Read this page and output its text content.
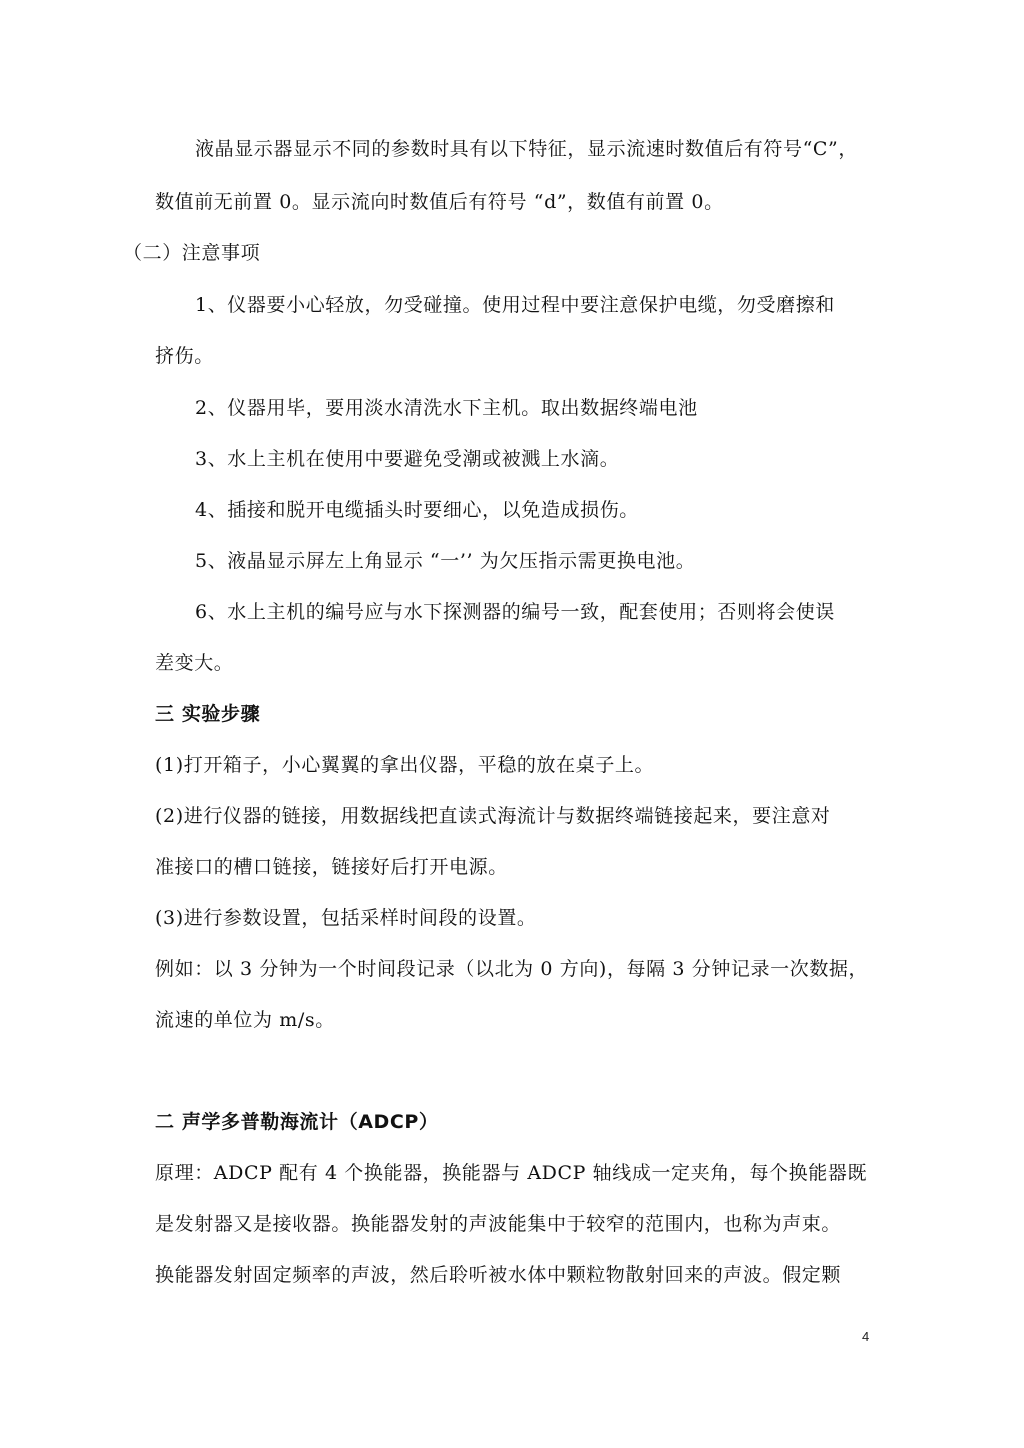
液晶显示器显示不同的参数时具有以下特征，显示流速时数值后有符号“C”，
数值前无前置 0。显示流向时数值后有符号 “d”，数值有前置 0。
（二）注意事项
1、仪器要小心轻放，勿受碰撞。使用过程中要注意保护电缆，勿受磨擦和
挤伤。
2、仪器用毕，要用淡水清洗水下主机。取出数据终端电池
3、水上主机在使用中要避免受潮或被溅上水滴。
4、插接和脱开电缆插头时要细心，以免造成损伤。
5、液晶显示屏左上角显示 “一’’ 为欠压指示需更换电池。
6、水上主机的编号应与水下探测器的编号一致，配套使用；否则将会使误
差变大。
三 实验步骤
(1)打开箱子，小心翼翼的拿出仪器，平稳的放在桌子上。
(2)进行仪器的链接，用数据线把直读式海流计与数据终端链接起来，要注意对
准接口的槽口链接，链接好后打开电源。
(3)进行参数设置，包括采样时间段的设置。
例如：以 3 分钟为一个时间段记录（以北为 0 方向)，每隔 3 分钟记录一次数据，
流速的单位为 m/s。
二 声学多普勒海流计（ADCP）
原理：ADCP 配有 4 个换能器，换能器与 ADCP 轴线成一定夹角，每个换能器既
是发射器又是接收器。换能器发射的声波能集中于较窄的范围内，也称为声束。
换能器发射固定频率的声波，然后聆听被水体中颗粒物散射回来的声波。假定颗
4
